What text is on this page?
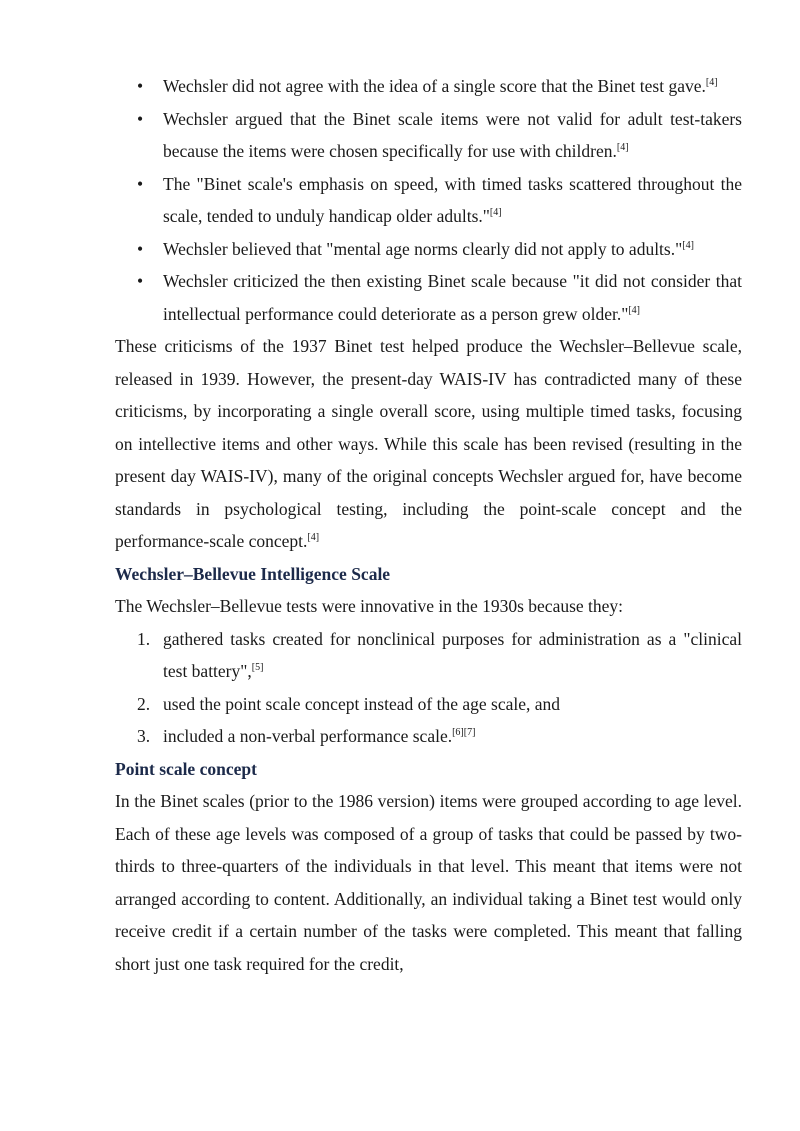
• Wechsler did not agree with the idea of a single score that the Binet test gave.[4]
• Wechsler argued that the Binet scale items were not valid for adult test-takers because the items were chosen specifically for use with children.[4]
• The "Binet scale's emphasis on speed, with timed tasks scattered throughout the scale, tended to unduly handicap older adults."[4]
• Wechsler believed that "mental age norms clearly did not apply to adults."[4]
• Wechsler criticized the then existing Binet scale because "it did not consider that intellectual performance could deteriorate as a person grew older."[4]

These criticisms of the 1937 Binet test helped produce the Wechsler–Bellevue scale, released in 1939. However, the present-day WAIS-IV has contradicted many of these criticisms, by incorporating a single overall score, using multiple timed tasks, focusing on intellective items and other ways. While this scale has been revised (resulting in the present day WAIS-IV), many of the original concepts Wechsler argued for, have become standards in psychological testing, including the point-scale concept and the performance-scale concept.[4]

Wechsler–Bellevue Intelligence Scale

The Wechsler–Bellevue tests were innovative in the 1930s because they:

1. gathered tasks created for nonclinical purposes for administration as a "clinical test battery",[5]
2. used the point scale concept instead of the age scale, and
3. included a non-verbal performance scale.[6][7]
Point scale concept

In the Binet scales (prior to the 1986 version) items were grouped according to age level. Each of these age levels was composed of a group of tasks that could be passed by two-thirds to three-quarters of the individuals in that level. This meant that items were not arranged according to content. Additionally, an individual taking a Binet test would only receive credit if a certain number of the tasks were completed. This meant that falling short just one task required for the credit,
